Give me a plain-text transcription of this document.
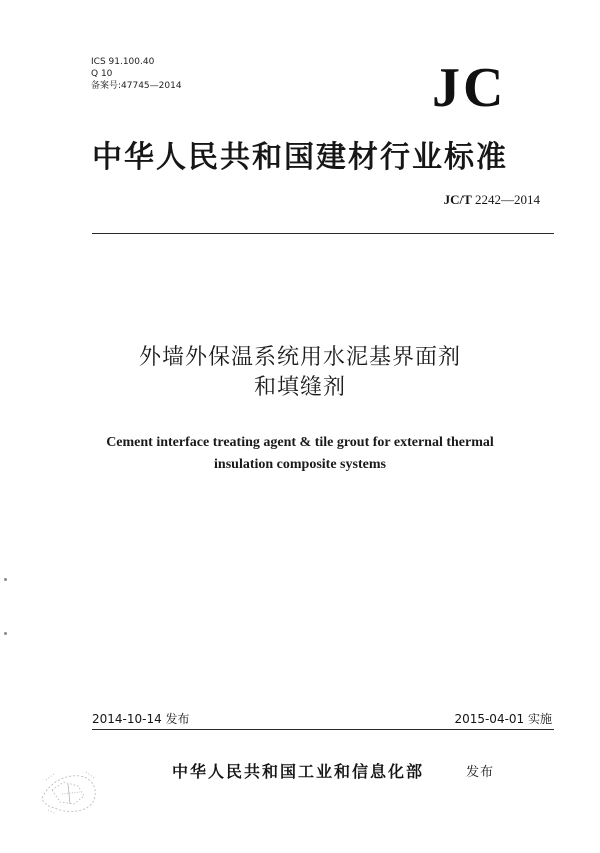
ICS 91.100.40
Q 10
备案号:47745—2014	JC
中华人民共和国建材行业标准
JC/T 2242—2014
外墙外保温系统用水泥基界面剂
和填缝剂
Cement interface treating agent & tile grout for external thermal
insulation composite systems
2014-10-14 发布	2015-04-01 实施
中华人民共和国工业和信息化部	发布
